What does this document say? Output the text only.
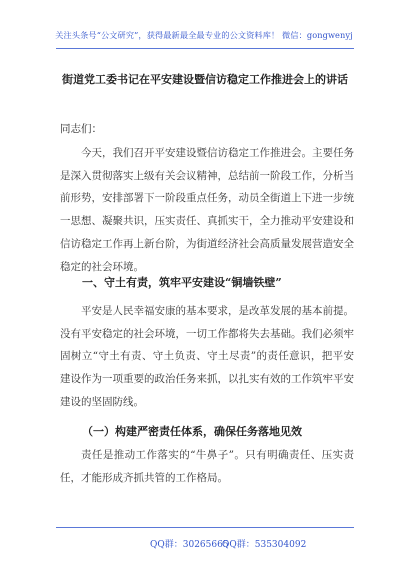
关注头条号“公文研究”，获得最新最全最专业的公文资料库！ 微信：gongwenyj
街道党工委书记在平安建设暨信访稳定工作推进会上的讲话
同志们：
今天，我们召开平安建设暨信访稳定工作推进会。主要任务是深入贯彻落实上级有关会议精神，总结前一阶段工作，分析当前形势，安排部署下一阶段重点任务，动员全街道上下进一步统一思想、凝聚共识，压实责任、真抓实干，全力推动平安建设和信访稳定工作再上新台阶，为街道经济社会高质量发展营造安全稳定的社会环境。
一、守土有责，筑牢平安建设“铜墙铁壁”
平安是人民幸福安康的基本要求，是改革发展的基本前提。没有平安稳定的社会环境，一切工作都将失去基础。我们必须牢固树立“守土有责、守土负责、守土尽责”的责任意识，把平安建设作为一项重要的政治任务来抓，以扎实有效的工作筑牢平安建设的坚固防线。
（一）构建严密责任体系，确保任务落地见效
责任是推动工作落实的“牛鼻子”。只有明确责任、压实责任，才能形成齐抓共管的工作格局。
QQ群：30265665
QQ群：535304092
